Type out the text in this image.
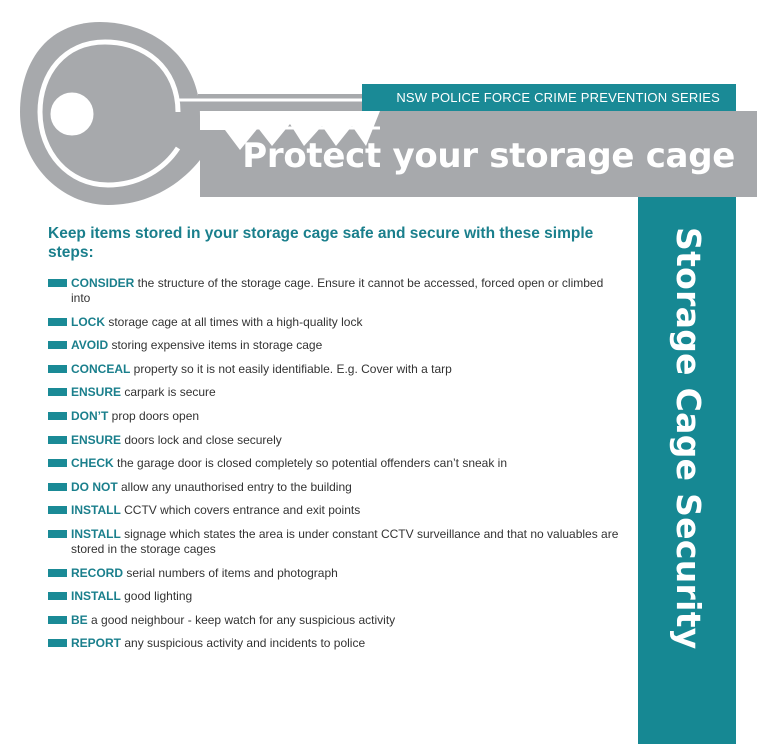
NSW POLICE FORCE CRIME PREVENTION SERIES
Protect your storage cage
Storage Cage Security

Keep items stored in your storage cage safe and secure with these simple steps:

CONSIDER the structure of the storage cage. Ensure it cannot be accessed, forced open or climbed into
LOCK storage cage at all times with a high-quality lock
AVOID storing expensive items in storage cage
CONCEAL property so it is not easily identifiable. E.g. Cover with a tarp
ENSURE carpark is secure
DON’T prop doors open
ENSURE doors lock and close securely
CHECK the garage door is closed completely so potential offenders can’t sneak in
DO NOT allow any unauthorised entry to the building
INSTALL CCTV which covers entrance and exit points
INSTALL signage which states the area is under constant CCTV surveillance and that no valuables are stored in the storage cages
RECORD serial numbers of items and photograph
INSTALL good lighting
BE a good neighbour - keep watch for any suspicious activity
REPORT any suspicious activity and incidents to police
